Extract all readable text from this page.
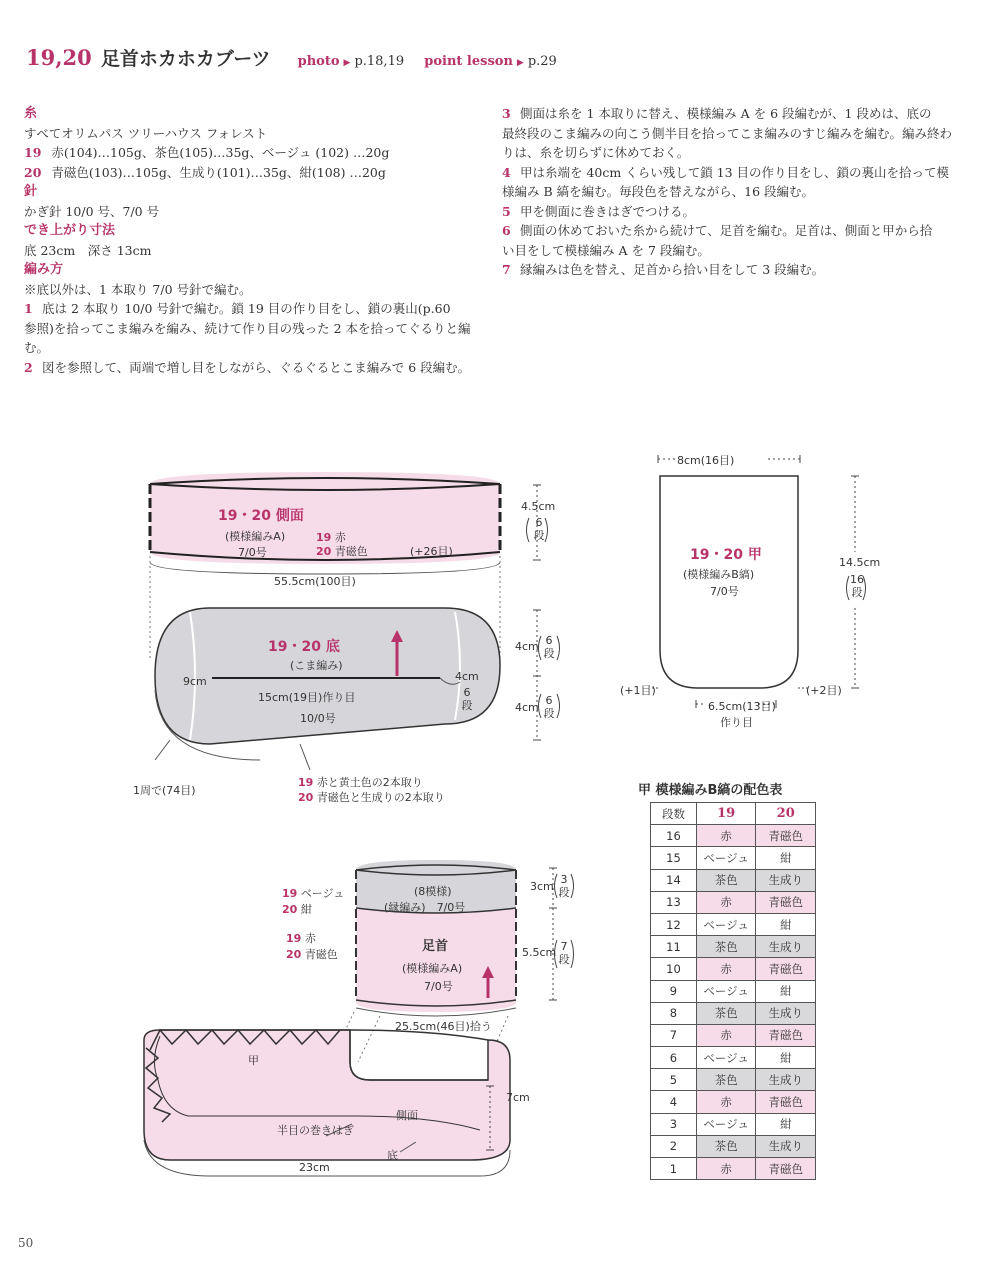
19,20 足首ホカホカブーツ photo ▶ p.18,19 point lesson ▶ p.29
糸
すべてオリムパス ツリーハウス フォレスト
19 赤(104)…105g、茶色(105)…35g、ベージュ (102) …20g
20 青磁色(103)…105g、生成り(101)…35g、紺(108) …20g
針
かぎ針 10/0 号、7/0 号
でき上がり寸法
底 23cm　深さ 13cm
編み方
※底以外は、1 本取り 7/0 号針で編む。
1 底は 2 本取り 10/0 号針で編む。鎖 19 目の作り目をし、鎖の裏山(p.60
参照)を拾ってこま編みを編み、続けて作り目の残った 2 本を拾ってぐるりと編む。
2 図を参照して、両端で増し目をしながら、ぐるぐるとこま編みで 6 段編む。
3 側面は糸を 1 本取りに替え、模様編み A を 6 段編むが、1 段めは、底の
最終段のこま編みの向こう側半目を拾ってこま編みのすじ編みを編む。編み終わ
りは、糸を切らずに休めておく。
4 甲は糸端を 40cm くらい残して鎖 13 目の作り目をし、鎖の裏山を拾って模
様編み B 縞を編む。毎段色を替えながら、16 段編む。
5 甲を側面に巻きはぎでつける。
6 側面の休めておいた糸から続けて、足首を編む。足首は、側面と甲から拾
い目をして模様編み A を 7 段編む。
7 縁編みは色を替え、足首から拾い目をして 3 段編む。
19・20 側面
(模様編みA)
7/0号
19 赤
20 青磁色	(+26目)
55.5cm(100目)
4.5cm
6
段
19・20 底
(こま編み)
15cm(19目)作り目
10/0号
9cm	4cm
6
段
4cm 6
段
4cm
6
段
1周で(74目)
19 赤と黄土色の2本取り
20 青磁色と生成りの2本取り
8cm(16目)
19・20 甲
(模様編みB縞)
7/0号
14.5cm
16
段
(+1目)	(+2目)
6.5cm(13目)
作り目
19 ベージュ
20 紺
(8模様)
(縁編み)　7/0号
19 赤
20 青磁色
足首
(模様編みA)
7/0号
3cm
3
段
5.5cm 7
段
25.5cm(46目)拾う
甲
側面
半目の巻きはぎ
底
23cm
7cm
甲 模様編みB縞の配色表
段数	19	20
16	赤	青磁色
15	ベージュ	紺
14	茶色	生成り
13	赤	青磁色
12	ベージュ	紺
11	茶色	生成り
10	赤	青磁色
9	ベージュ	紺
8	茶色	生成り
7	赤	青磁色
6	ベージュ	紺
5	茶色	生成り
4	赤	青磁色
3	ベージュ	紺
2	茶色	生成り
1	赤	青磁色
50
